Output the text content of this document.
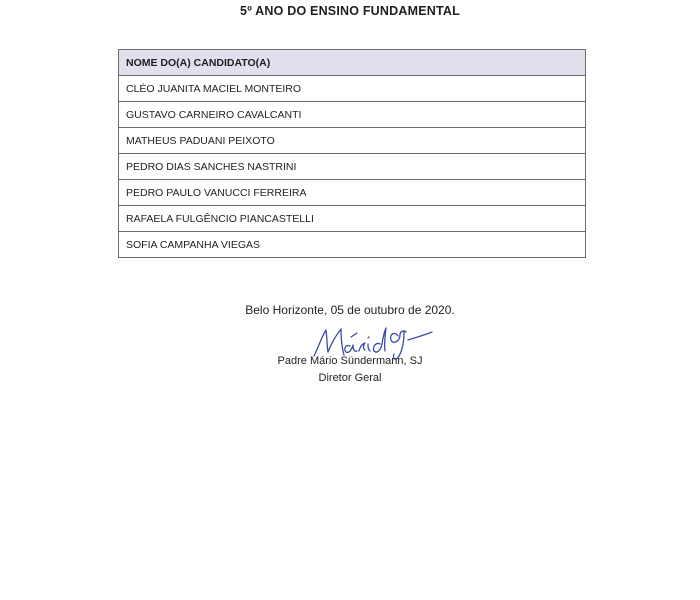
5º ANO DO ENSINO FUNDAMENTAL
NOME DO(A) CANDIDATO(A)
CLÉO JUANITA MACIEL MONTEIRO
GUSTAVO CARNEIRO CAVALCANTI
MATHEUS PADUANI PEIXOTO
PEDRO DIAS SANCHES NASTRINI
PEDRO PAULO VANUCCI FERREIRA
RAFAELA FULGÊNCIO PIANCASTELLI
SOFIA CAMPANHA VIEGAS
Belo Horizonte, 05 de outubro de 2020.
Padre Mário Sündermann, SJ
Diretor Geral
